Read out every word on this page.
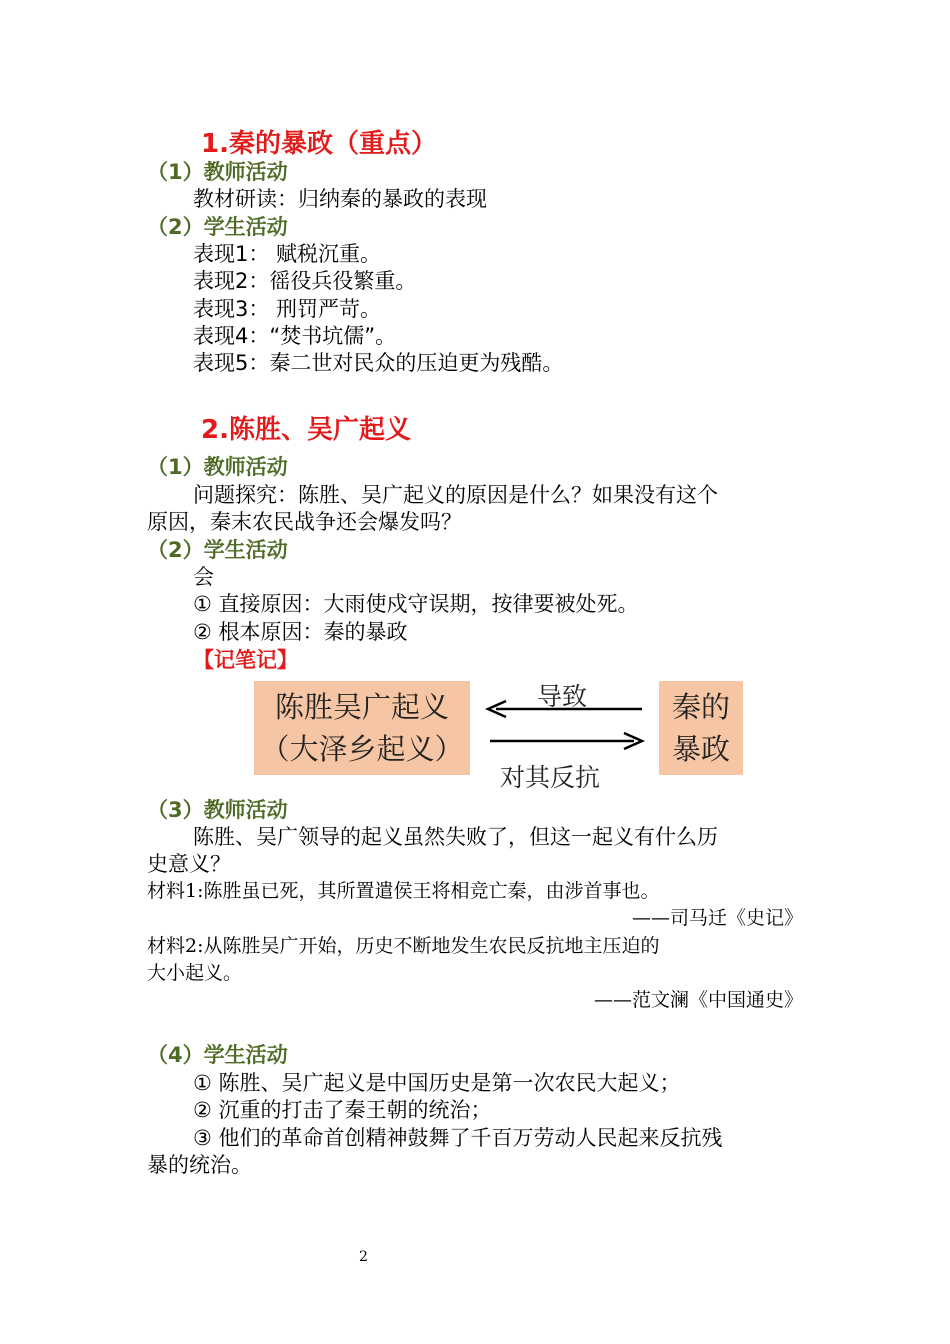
1.秦的暴政（重点）
（1）教师活动
教材研读：归纳秦的暴政的表现
（2）学生活动
表现1： 赋税沉重。
表现2：徭役兵役繁重。
表现3： 刑罚严苛。
表现4：“焚书坑儒”。
表现5：秦二世对民众的压迫更为残酷。
2.陈胜、吴广起义
（1）教师活动
问题探究：陈胜、吴广起义的原因是什么？如果没有这个
原因，秦末农民战争还会爆发吗？
（2）学生活动
会
① 直接原因：大雨使戍守误期，按律要被处死。
② 根本原因：秦的暴政
【记笔记】
陈胜吴广起义
（大泽乡起义）
秦的
暴政
导致
对其反抗
（3）教师活动
陈胜、吴广领导的起义虽然失败了，但这一起义有什么历
史意义？
材料1:陈胜虽已死，其所置遣侯王将相竞亡秦，由涉首事也。
——司马迁《史记》
材料2:从陈胜吴广开始，历史不断地发生农民反抗地主压迫的
大小起义。
——范文澜《中国通史》
（4）学生活动
① 陈胜、吴广起义是中国历史是第一次农民大起义；
② 沉重的打击了秦王朝的统治；
③ 他们的革命首创精神鼓舞了千百万劳动人民起来反抗残
暴的统治。
2
